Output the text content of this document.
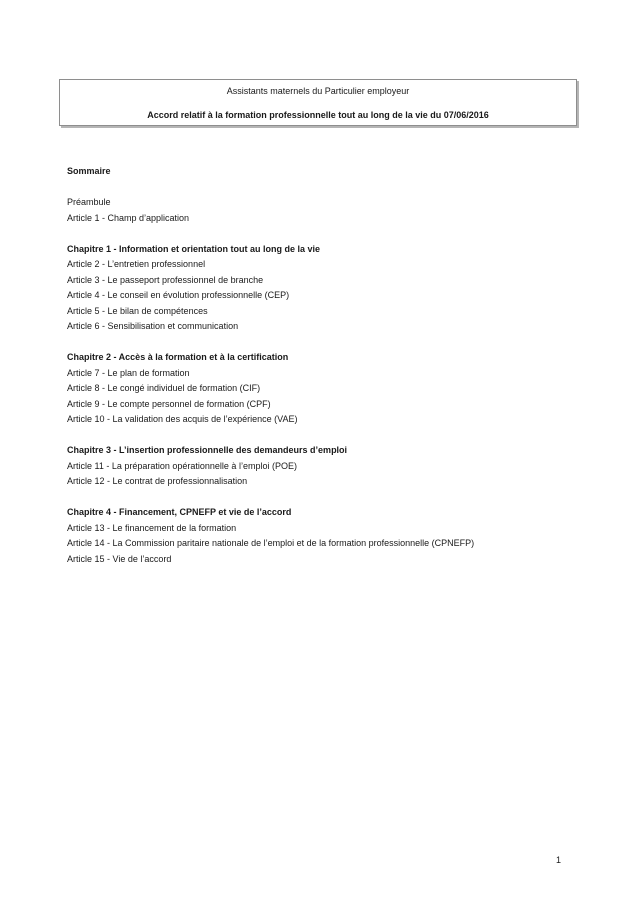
Assistants maternels du Particulier employeur
Accord relatif à la formation professionnelle tout au long de la vie du 07/06/2016

Sommaire

Préambule

Article 1 - Champ d’application

Chapitre 1 - Information et orientation tout au long de la vie

Article 2 - L’entretien professionnel

Article 3 - Le passeport professionnel de branche

Article 4 - Le conseil en évolution professionnelle (CEP)

Article 5 - Le bilan de compétences

Article 6 - Sensibilisation et communication

Chapitre 2 - Accès à la formation et à la certification

Article 7 - Le plan de formation

Article 8 - Le congé individuel de formation (CIF)

Article 9 - Le compte personnel de formation (CPF)

Article 10 - La validation des acquis de l’expérience (VAE)

Chapitre 3 - L’insertion professionnelle des demandeurs d’emploi

Article 11 - La préparation opérationnelle à l’emploi (POE)

Article 12 - Le contrat de professionnalisation

Chapitre 4 - Financement, CPNEFP et vie de l’accord

Article 13 - Le financement de la formation

Article 14 - La Commission paritaire nationale de l’emploi et de la formation professionnelle (CPNEFP)

Article 15 - Vie de l’accord

1
